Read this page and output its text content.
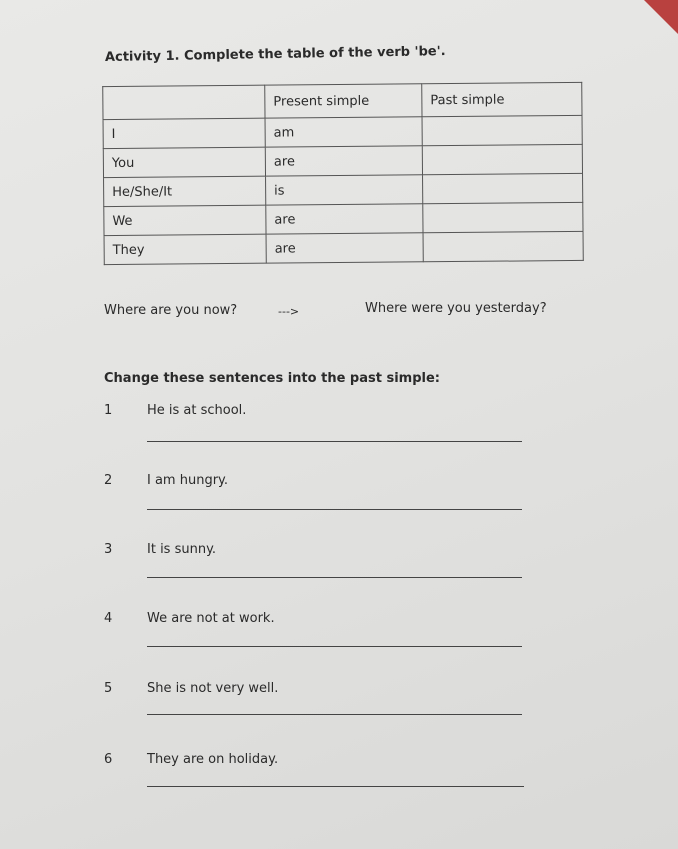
Activity 1. Complete the table of the verb 'be'.
	Present simple	Past simple
I	am	
You	are	
He/She/It	is	
We	are	
They	are	
Where are you now?	--->	Where were you yesterday?
Change these sentences into the past simple:
1	He is at school.
2	I am hungry.
3	It is sunny.
4	We are not at work.
5	She is not very well.
6	They are on holiday.
